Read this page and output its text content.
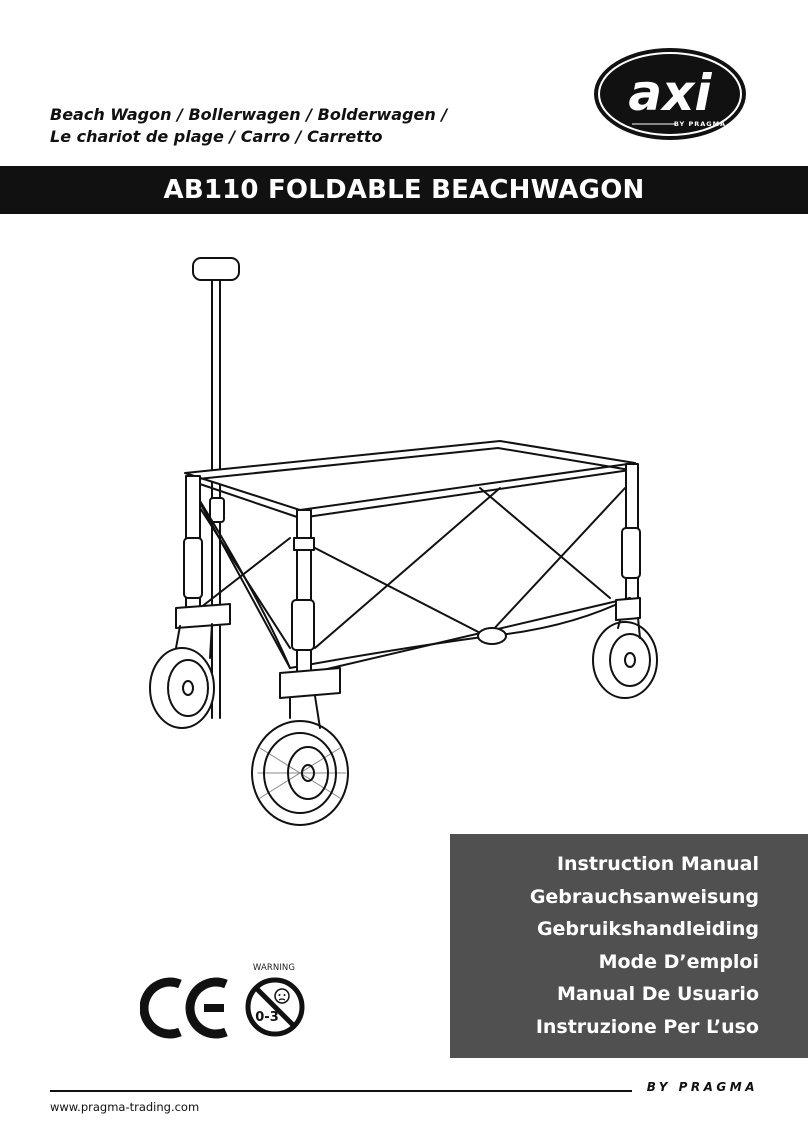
Beach Wagon / Bollerwagen / Bolderwagen /
Le chariot de plage / Carro / Carretto
axi
BY PRAGMA
AB110 FOLDABLE BEACHWAGON
Instruction Manual
Gebrauchsanweisung
Gebruikshandleiding
Mode D’emploi
Manual De Usuario
Instruzione Per L’uso
WARNING
0-3
BY PRAGMA
www.pragma-trading.com
